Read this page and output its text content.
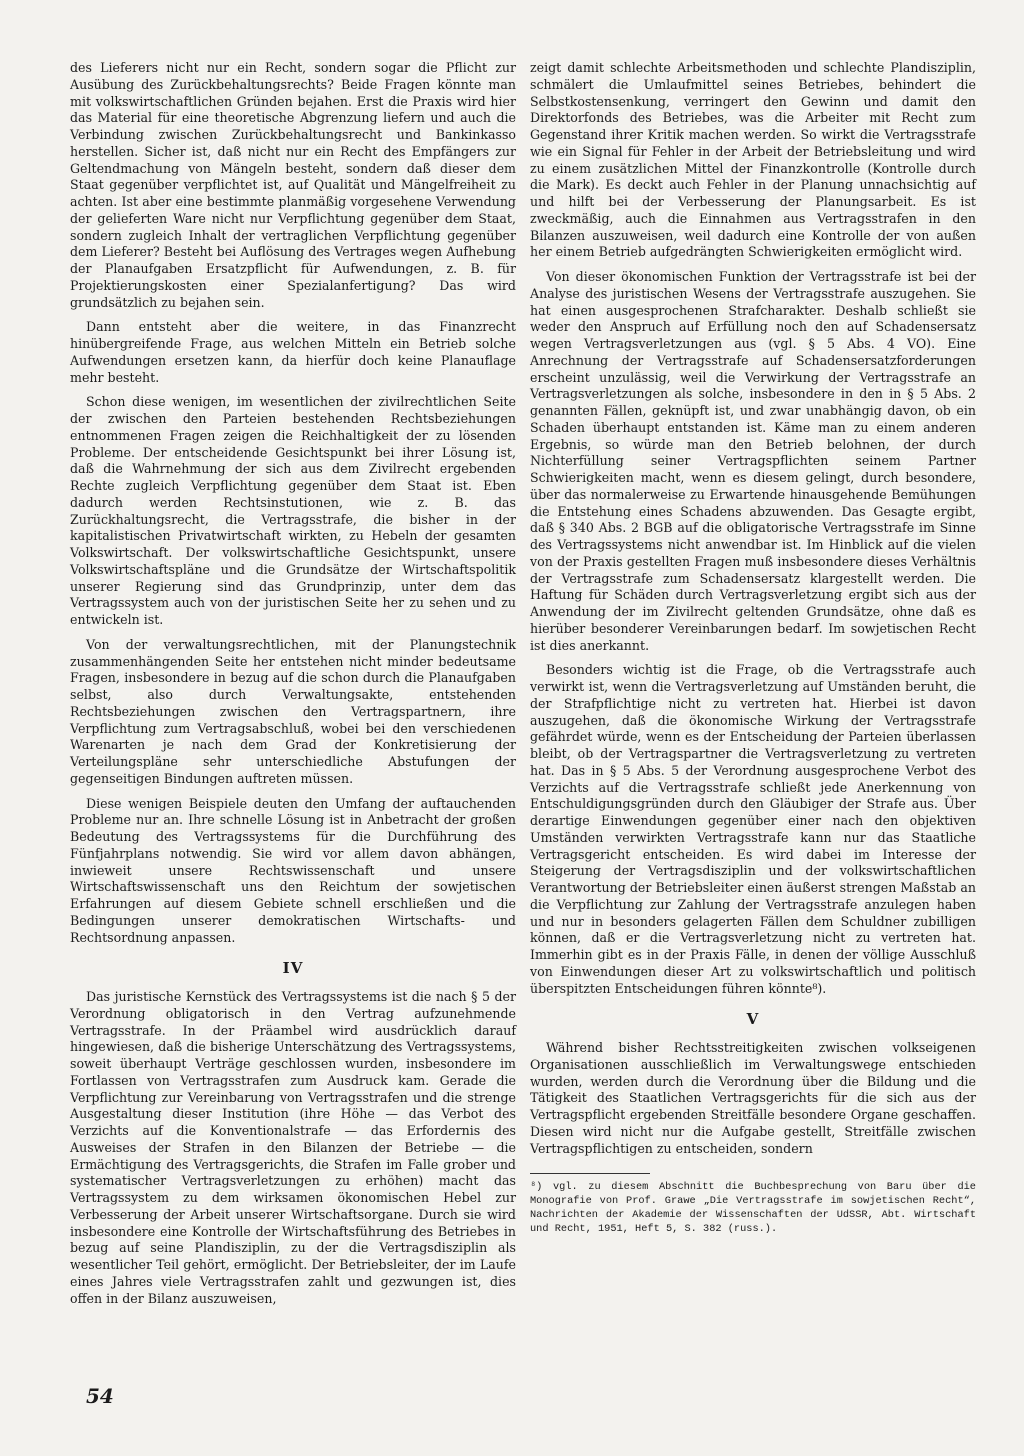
des Lieferers nicht nur ein Recht, sondern sogar die Pflicht zur Ausübung des Zurückbehaltungsrechts? Beide Fragen könnte man mit volkswirtschaftlichen Gründen bejahen. Erst die Praxis wird hier das Material für eine theoretische Abgrenzung liefern und auch die Verbindung zwischen Zurückbehaltungsrecht und Bankinkasso herstellen. Sicher ist, daß nicht nur ein Recht des Empfängers zur Geltendmachung von Mängeln besteht, sondern daß dieser dem Staat gegenüber verpflichtet ist, auf Qualität und Mängelfreiheit zu achten. Ist aber eine bestimmte planmäßig vorgesehene Verwendung der gelieferten Ware nicht nur Verpflichtung gegenüber dem Staat, sondern zugleich Inhalt der vertraglichen Verpflichtung gegenüber dem Lieferer? Besteht bei Auflösung des Vertrages wegen Aufhebung der Planaufgaben Ersatzpflicht für Aufwendungen, z. B. für Projektierungskosten einer Spezialanfertigung? Das wird grundsätzlich zu bejahen sein.

Dann entsteht aber die weitere, in das Finanzrecht hinübergreifende Frage, aus welchen Mitteln ein Betrieb solche Aufwendungen ersetzen kann, da hierfür doch keine Planauflage mehr besteht.

Schon diese wenigen, im wesentlichen der zivilrechtlichen Seite der zwischen den Parteien bestehenden Rechtsbeziehungen entnommenen Fragen zeigen die Reichhaltigkeit der zu lösenden Probleme. Der entscheidende Gesichtspunkt bei ihrer Lösung ist, daß die Wahrnehmung der sich aus dem Zivilrecht ergebenden Rechte zugleich Verpflichtung gegenüber dem Staat ist. Eben dadurch werden Rechtsinstutionen, wie z. B. das Zurückhaltungsrecht, die Vertragsstrafe, die bisher in der kapitalistischen Privatwirtschaft wirkten, zu Hebeln der gesamten Volkswirtschaft. Der volkswirtschaftliche Gesichtspunkt, unsere Volkswirtschaftspläne und die Grundsätze der Wirtschaftspolitik unserer Regierung sind das Grundprinzip, unter dem das Vertragssystem auch von der juristischen Seite her zu sehen und zu entwickeln ist.

Von der verwaltungsrechtlichen, mit der Planungstechnik zusammenhängenden Seite her entstehen nicht minder bedeutsame Fragen, insbesondere in bezug auf die schon durch die Planaufgaben selbst, also durch Verwaltungsakte, entstehenden Rechtsbeziehungen zwischen den Vertragspartnern, ihre Verpflichtung zum Vertragsabschluß, wobei bei den verschiedenen Warenarten je nach dem Grad der Konkretisierung der Verteilungspläne sehr unterschiedliche Abstufungen der gegenseitigen Bindungen auftreten müssen.

Diese wenigen Beispiele deuten den Umfang der auftauchenden Probleme nur an. Ihre schnelle Lösung ist in Anbetracht der großen Bedeutung des Vertragssystems für die Durchführung des Fünfjahrplans notwendig. Sie wird vor allem davon abhängen, inwieweit unsere Rechtswissenschaft und unsere Wirtschaftswissenschaft uns den Reichtum der sowjetischen Erfahrungen auf diesem Gebiete schnell erschließen und die Bedingungen unserer demokratischen Wirtschafts- und Rechtsordnung anpassen.

IV

Das juristische Kernstück des Vertragssystems ist die nach § 5 der Verordnung obligatorisch in den Vertrag aufzunehmende Vertragsstrafe. In der Präambel wird ausdrücklich darauf hingewiesen, daß die bisherige Unterschätzung des Vertragssystems, soweit überhaupt Verträge geschlossen wurden, insbesondere im Fortlassen von Vertragsstrafen zum Ausdruck kam. Gerade die Verpflichtung zur Vereinbarung von Vertragsstrafen und die strenge Ausgestaltung dieser Institution (ihre Höhe — das Verbot des Verzichts auf die Konventionalstrafe — das Erfordernis des Ausweises der Strafen in den Bilanzen der Betriebe — die Ermächtigung des Vertragsgerichts, die Strafen im Falle grober und systematischer Vertragsverletzungen zu erhöhen) macht das Vertragssystem zu dem wirksamen ökonomischen Hebel zur Verbesserung der Arbeit unserer Wirtschaftsorgane. Durch sie wird insbesondere eine Kontrolle der Wirtschaftsführung des Betriebes in bezug auf seine Plandisziplin, zu der die Vertragsdisziplin als wesentlicher Teil gehört, ermöglicht. Der Betriebsleiter, der im Laufe eines Jahres viele Vertragsstrafen zahlt und gezwungen ist, dies offen in der Bilanz auszuweisen,

zeigt damit schlechte Arbeitsmethoden und schlechte Plandisziplin, schmälert die Umlaufmittel seines Betriebes, behindert die Selbstkostensenkung, verringert den Gewinn und damit den Direktorfonds des Betriebes, was die Arbeiter mit Recht zum Gegenstand ihrer Kritik machen werden. So wirkt die Vertragsstrafe wie ein Signal für Fehler in der Arbeit der Betriebsleitung und wird zu einem zusätzlichen Mittel der Finanzkontrolle (Kontrolle durch die Mark). Es deckt auch Fehler in der Planung unnachsichtig auf und hilft bei der Verbesserung der Planungsarbeit. Es ist zweckmäßig, auch die Einnahmen aus Vertragsstrafen in den Bilanzen auszuweisen, weil dadurch eine Kontrolle der von außen her einem Betrieb aufgedrängten Schwierigkeiten ermöglicht wird.

Von dieser ökonomischen Funktion der Vertragsstrafe ist bei der Analyse des juristischen Wesens der Vertragsstrafe auszugehen. Sie hat einen ausgesprochenen Strafcharakter. Deshalb schließt sie weder den Anspruch auf Erfüllung noch den auf Schadensersatz wegen Vertragsverletzungen aus (vgl. § 5 Abs. 4 VO). Eine Anrechnung der Vertragsstrafe auf Schadensersatzforderungen erscheint unzulässig, weil die Verwirkung der Vertragsstrafe an Vertragsverletzungen als solche, insbesondere in den in § 5 Abs. 2 genannten Fällen, geknüpft ist, und zwar unabhängig davon, ob ein Schaden überhaupt entstanden ist. Käme man zu einem anderen Ergebnis, so würde man den Betrieb belohnen, der durch Nichterfüllung seiner Vertragspflichten seinem Partner Schwierigkeiten macht, wenn es diesem gelingt, durch besondere, über das normalerweise zu Erwartende hinausgehende Bemühungen die Entstehung eines Schadens abzuwenden. Das Gesagte ergibt, daß § 340 Abs. 2 BGB auf die obligatorische Vertragsstrafe im Sinne des Vertragssystems nicht anwendbar ist. Im Hinblick auf die vielen von der Praxis gestellten Fragen muß insbesondere dieses Verhältnis der Vertragsstrafe zum Schadensersatz klargestellt werden. Die Haftung für Schäden durch Vertragsverletzung ergibt sich aus der Anwendung der im Zivilrecht geltenden Grundsätze, ohne daß es hierüber besonderer Vereinbarungen bedarf. Im sowjetischen Recht ist dies anerkannt.

Besonders wichtig ist die Frage, ob die Vertragsstrafe auch verwirkt ist, wenn die Vertragsverletzung auf Umständen beruht, die der Strafpflichtige nicht zu vertreten hat. Hierbei ist davon auszugehen, daß die ökonomische Wirkung der Vertragsstrafe gefährdet würde, wenn es der Entscheidung der Parteien überlassen bleibt, ob der Vertragspartner die Vertragsverletzung zu vertreten hat. Das in § 5 Abs. 5 der Verordnung ausgesprochene Verbot des Verzichts auf die Vertragsstrafe schließt jede Anerkennung von Entschuldigungsgründen durch den Gläubiger der Strafe aus. Über derartige Einwendungen gegenüber einer nach den objektiven Umständen verwirkten Vertragsstrafe kann nur das Staatliche Vertragsgericht entscheiden. Es wird dabei im Interesse der Steigerung der Vertragsdisziplin und der volkswirtschaftlichen Verantwortung der Betriebsleiter einen äußerst strengen Maßstab an die Verpflichtung zur Zahlung der Vertragsstrafe anzulegen haben und nur in besonders gelagerten Fällen dem Schuldner zubilligen können, daß er die Vertragsverletzung nicht zu vertreten hat. Immerhin gibt es in der Praxis Fälle, in denen der völlige Ausschluß von Einwendungen dieser Art zu volkswirtschaftlich und politisch überspitzten Entscheidungen führen könnte⁸).

V

Während bisher Rechtsstreitigkeiten zwischen volkseigenen Organisationen ausschließlich im Verwaltungswege entschieden wurden, werden durch die Verordnung über die Bildung und die Tätigkeit des Staatlichen Vertragsgerichts für die sich aus der Vertragspflicht ergebenden Streitfälle besondere Organe geschaffen. Diesen wird nicht nur die Aufgabe gestellt, Streitfälle zwischen Vertragspflichtigen zu entscheiden, sondern

⁸) vgl. zu diesem Abschnitt die Buchbesprechung von Baru über die Monografie von Prof. Grawe „Die Vertragsstrafe im sowjetischen Recht“, Nachrichten der Akademie der Wissenschaften der UdSSR, Abt. Wirtschaft und Recht, 1951, Heft 5, S. 382 (russ.).
54
